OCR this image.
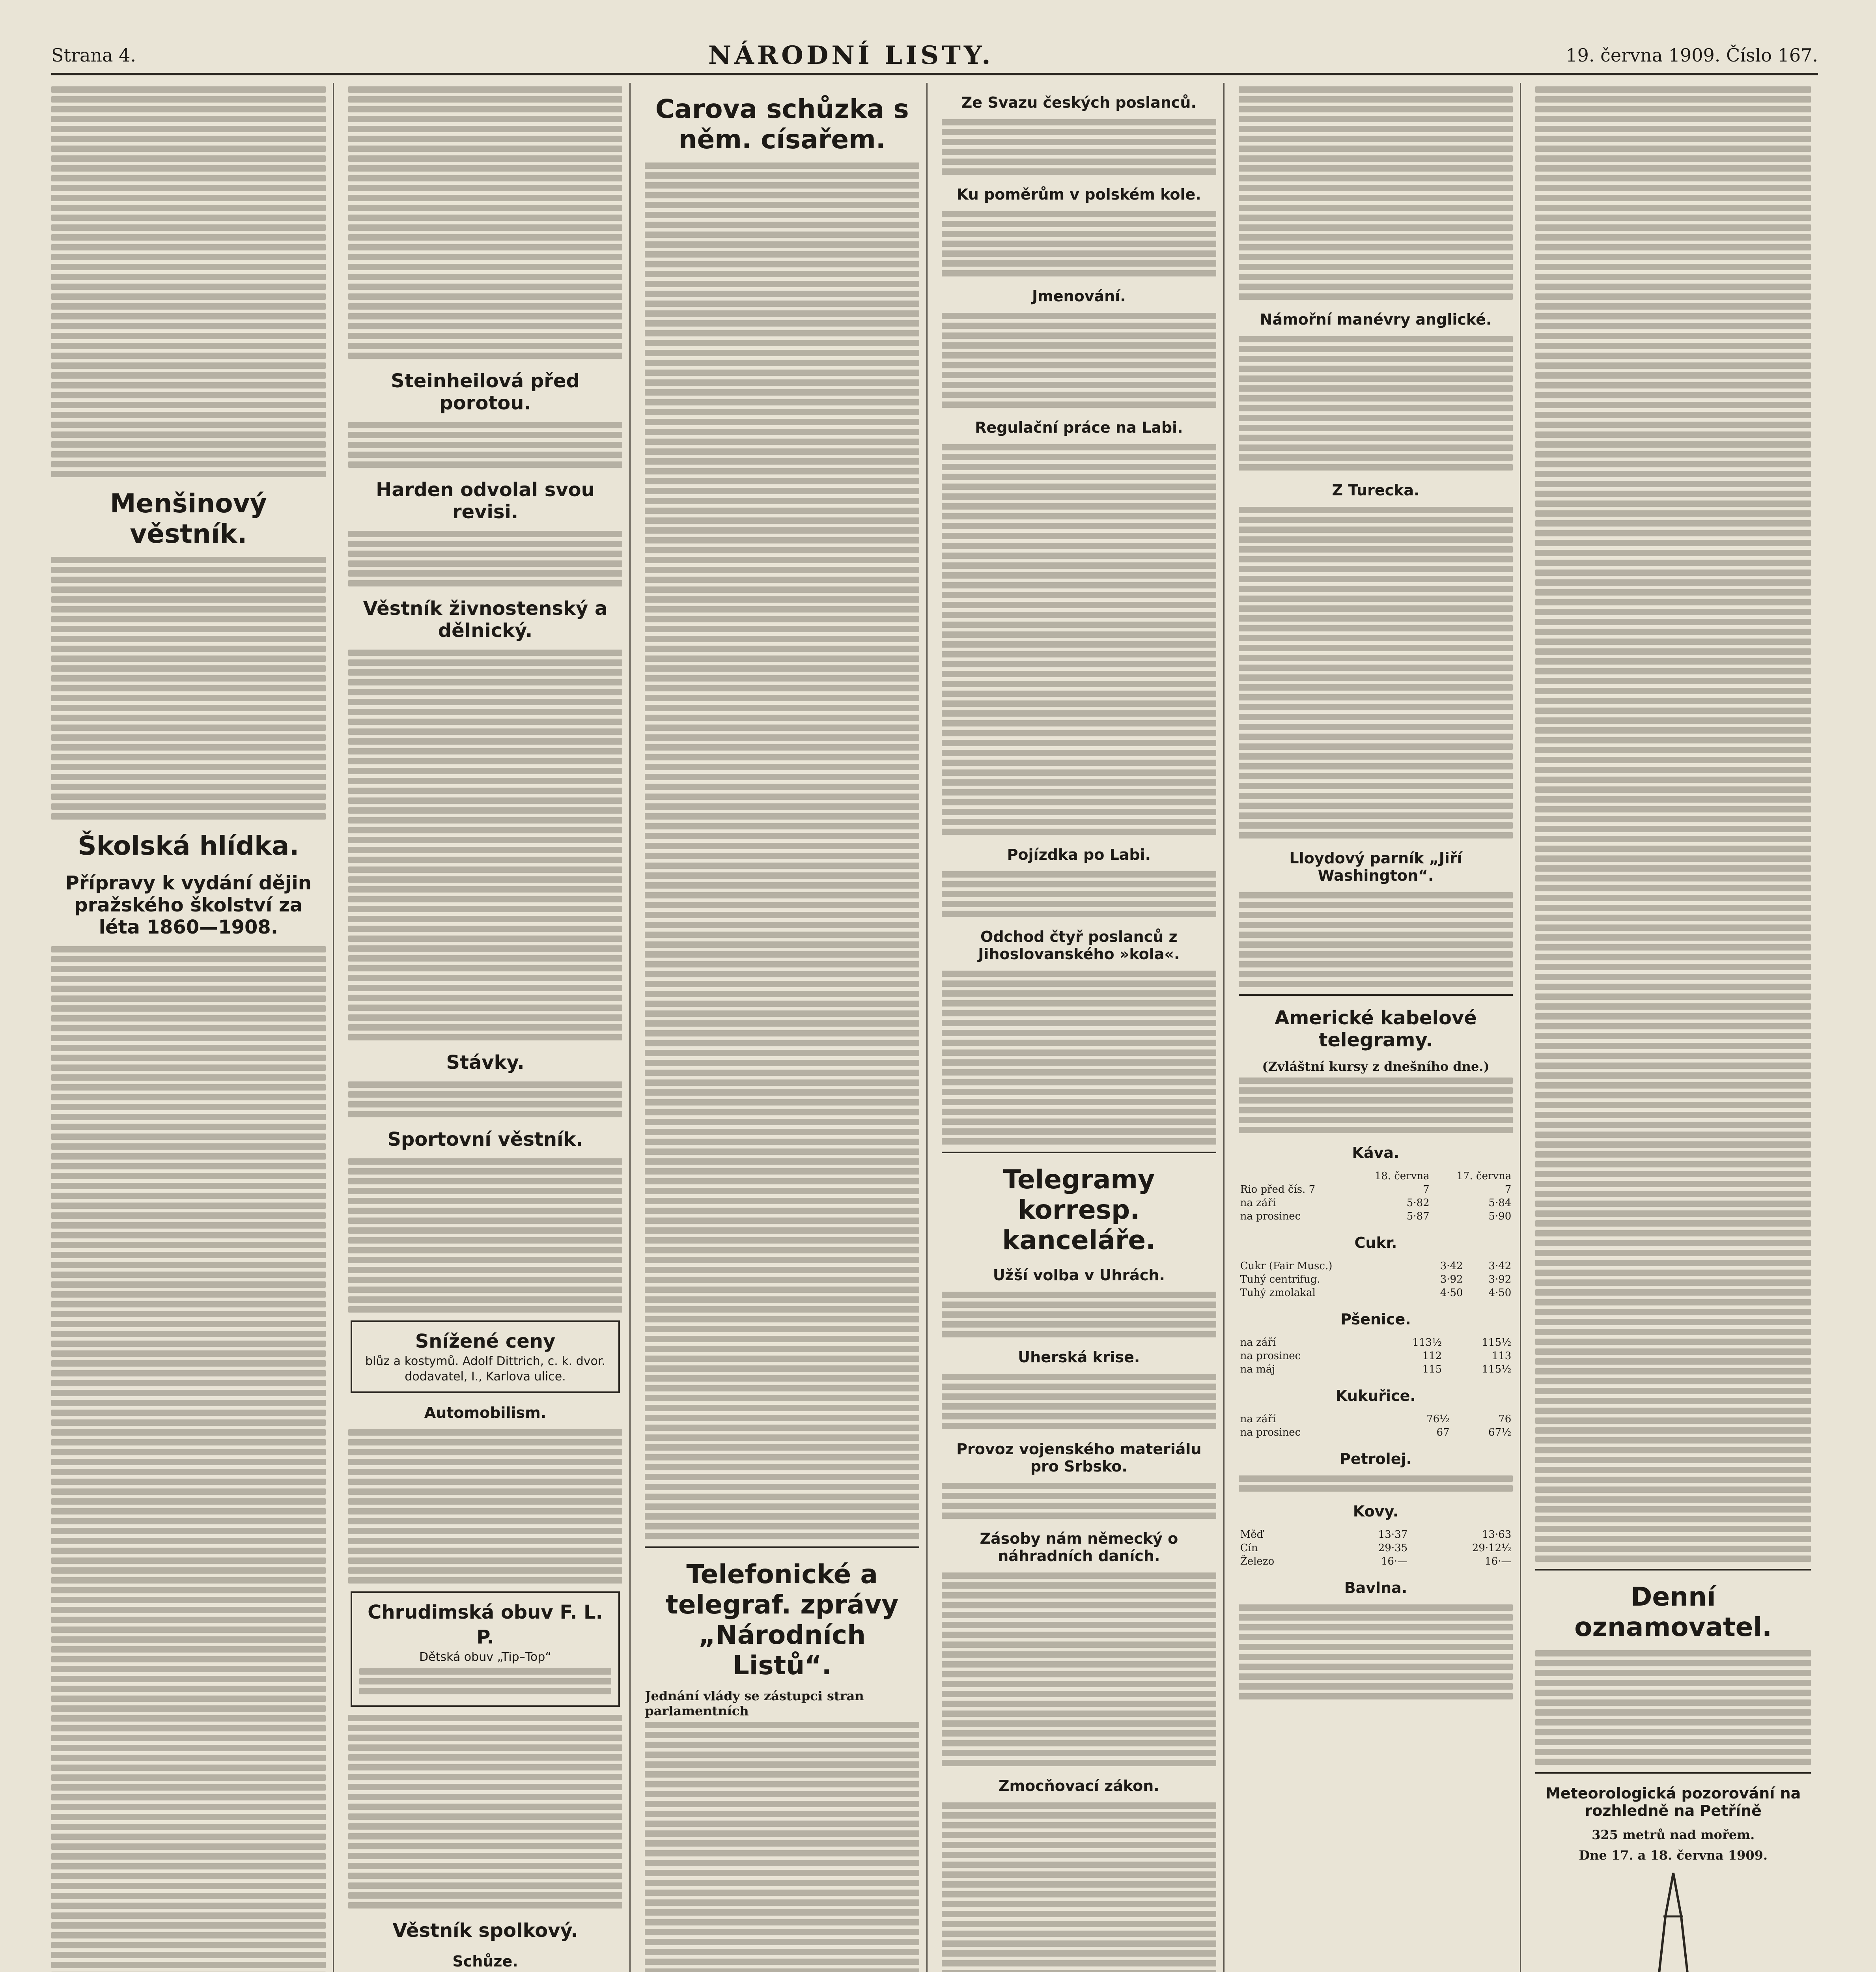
Strana 4.	NÁRODNÍ LISTY.	19. června 1909. Číslo 167.
Menšinový věstník.
Školská hlídka.
Přípravy k vydání dějin pražského školství za léta 1860—1908.
Steinheilová před porotou.
Harden odvolal svou revisi.
Věstník živnostenský a dělnický.
Stávky.
Sportovní věstník.
Snížené ceny
blůz a kostymů. Adolf Dittrich, c. k. dvor. dodavatel, I., Karlova ulice.
Automobilism.
Chrudimská obuv F. L. P.
Dětská obuv „Tip–Top“
Věstník spolkový.
Schůze.
Carova schůzka s něm. císařem.
Telefonické a telegraf. zprávy „Národních Listů“.
Jednání vlády se zástupci stran parlamentních
Ze Svazu českých poslanců.
Ku poměrům v polském kole.
Jmenování.
Regulační práce na Labi.
Pojízdka po Labi.
Odchod čtyř poslanců z Jihoslovanského »kola«.
Telegramy korresp. kanceláře.
Užší volba v Uhrách.
Uherská krise.
Provoz vojenského materiálu pro Srbsko.
Zásoby nám německý o náhradních daních.
Zmocňovací zákon.
Námořní manévry anglické.
Z Turecka.
Lloydový parník „Jiří Washington“.
Americké kabelové telegramy.
(Zvláštní kursy z dnešního dne.)
Káva.
	18. června	17. června
Rio před čís. 7	7	7
na září	5·82	5·84
na prosinec	5·87	5·90
Cukr.
Cukr (Fair Musc.)	3·42	3·42
Tuhý centrifug.	3·92	3·92
Tuhý zmolakal	4·50	4·50
Pšenice.
na září	113½	115½
na prosinec	112	113
na máj	115	115½
Kukuřice.
na září	76½	76
na prosinec	67	67½
Petrolej.
Kovy.
Měď	13·37	13·63
Cín	29·35	29·12½
Železo	16·—	16·—
Bavlna.	Denní oznamovatel.
Meteorologická pozorování na rozhledně na Petříně
325 metrů nad mořem.
Dne 17. a 18. června 1909.
